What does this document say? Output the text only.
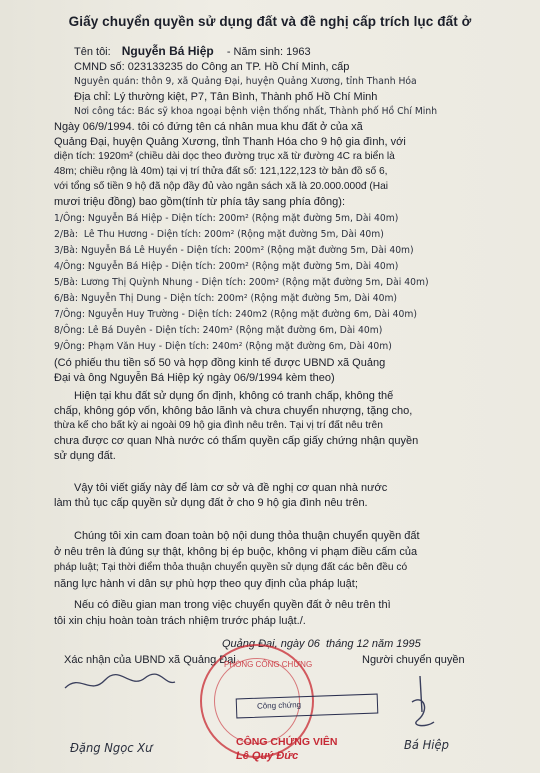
Giấy chuyển quyền sử dụng đất và đề nghị cấp trích lục đất ở
Tên tôi: Nguyễn Bá Hiệp - Năm sinh: 1963
CMND số: 023133235 do Công an TP. Hồ Chí Minh, cấp
Nguyên quán: thôn 9, xã Quảng Đại, huyện Quảng Xương, tỉnh Thanh Hóa
Địa chỉ: Lý thường kiệt, P7, Tân Bình, Thành phố Hồ Chí Minh
Nơi công tác: Bác sỹ khoa ngoại bệnh viện thống nhất, Thành phố Hồ Chí Minh
Ngày 06/9/1994. tôi có đứng tên cá nhân mua khu đất ở của xã
Quảng Đại, huyện Quảng Xương, tỉnh Thanh Hóa cho 9 hộ gia đình, với
diện tích: 1920m² (chiều dài dọc theo đường trục xã từ đường 4C ra biển là
48m; chiều rộng là 40m) tại vị trí thửa đất số: 121,122,123 tờ bản đồ số 6,
với tổng số tiền 9 hộ đã nộp đầy đủ vào ngân sách xã là 20.000.000đ (Hai
mươi triệu đồng) bao gồm(tính từ phía tây sang phía đông):
1/Ông: Nguyễn Bá Hiệp - Diện tích: 200m² (Rộng mặt đường 5m, Dài 40m)
2/Bà:  Lê Thu Hương - Diện tích: 200m² (Rộng mặt đường 5m, Dài 40m)
3/Bà: Nguyễn Bá Lê Huyền - Diện tích: 200m² (Rộng mặt đường 5m, Dài 40m)
4/Ông: Nguyễn Bá Hiệp - Diện tích: 200m² (Rộng mặt đường 5m, Dài 40m)
5/Bà: Lương Thị Quỳnh Nhung - Diện tích: 200m² (Rộng mặt đường 5m, Dài 40m)
6/Bà: Nguyễn Thị Dung - Diện tích: 200m² (Rộng mặt đường 5m, Dài 40m)
7/Ông: Nguyễn Huy Trường - Diện tích: 240m2 (Rộng mặt đường 6m, Dài 40m)
8/Ông: Lê Bá Duyên - Diện tích: 240m² (Rộng mặt đường 6m, Dài 40m)
9/Ông: Phạm Văn Huy - Diện tích: 240m² (Rộng mặt đường 6m, Dài 40m)
(Có phiếu thu tiền số 50 và hợp đồng kinh tế được UBND xã Quảng
Đại và ông Nguyễn Bá Hiệp ký ngày 06/9/1994 kèm theo)
Hiện tại khu đất sử dụng ổn định, không có tranh chấp, không thế
chấp, không góp vốn, không bảo lãnh và chưa chuyển nhượng, tặng cho,
thừa kế cho bất kỳ ai ngoài 09 hộ gia đình nêu trên. Tại vị trí đất nêu trên
chưa được cơ quan Nhà nước có thẩm quyền cấp giấy chứng nhận quyền
sử dụng đất.
Vậy tôi viết giấy này để làm cơ sở và đề nghị cơ quan nhà nước
làm thủ tục cấp quyền sử dụng đất ở cho 9 hộ gia đình nêu trên.
Chúng tôi xin cam đoan toàn bộ nội dung thỏa thuận chuyển quyền đất
ở nêu trên là đúng sự thật, không bị ép buộc, không vi phạm điều cấm của
pháp luật; Tại thời điểm thỏa thuận chuyển quyền sử dụng đất các bên đều có
năng lực hành vi dân sự phù hợp theo quy định của pháp luật;
Nếu có điều gian man trong việc chuyển quyền đất ở nêu trên thì
tôi xin chịu hoàn toàn trách nhiệm trước pháp luật./.
Quảng Đại, ngày 06  tháng 12 năm 1995
Xác nhận của UBND xã Quảng Đại	Người chuyển quyền
PHÒNG CÔNG CHỨNG
Công chứng
Đặng Ngọc Xư	Bá Hiệp
CÔNG CHỨNG VIÊN
Lê Quý Đức
